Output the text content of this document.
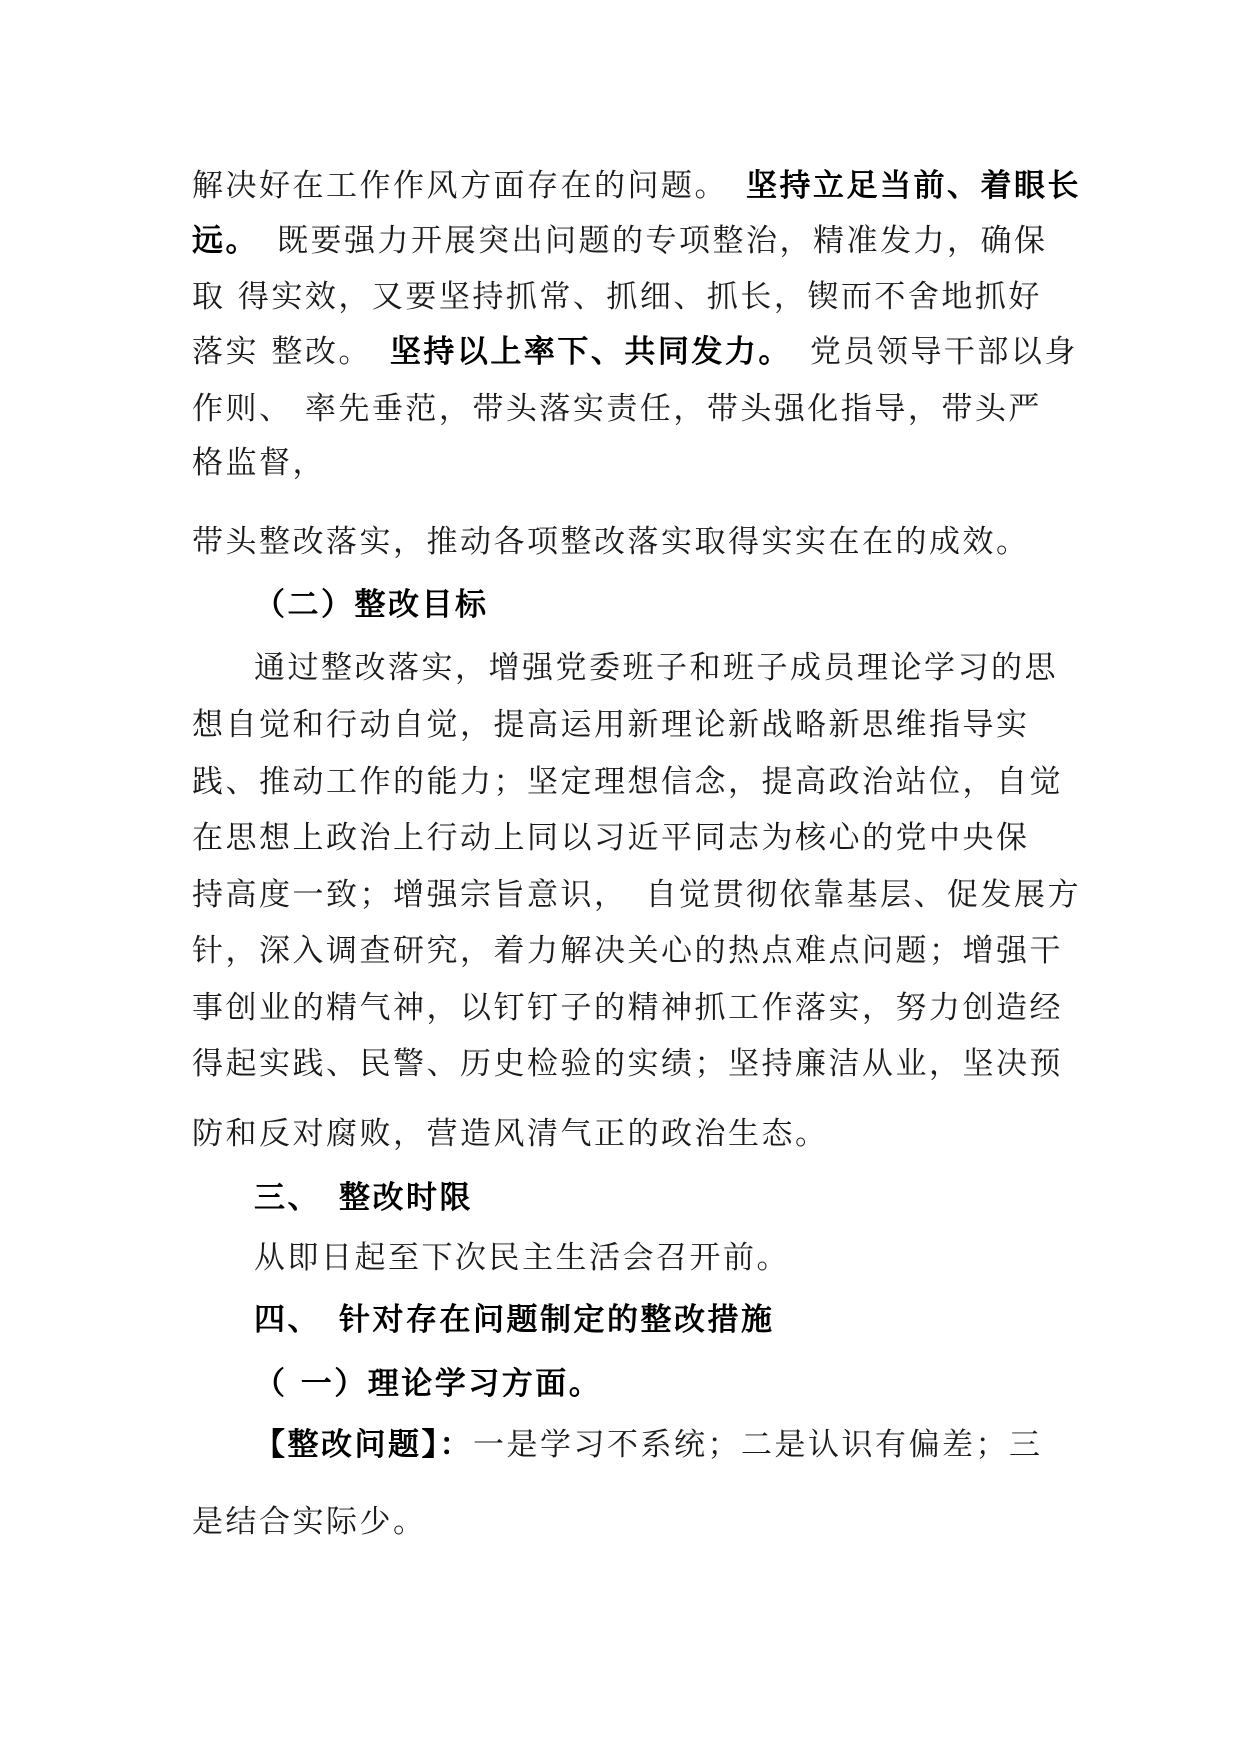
解决好在工作作风方面存在的问题。　 坚持立足当前、着眼长
远。　 既要强力开展突出问题的专项整治，精准发力，确保
取 得实效，又要坚持抓常、抓细、抓长，锲而不舍地抓好
落实 整改。　 坚持以上率下、共同发力。　 党员领导干部以身
作则、 率先垂范，带头落实责任，带头强化指导，带头严
格监督，
带头整改落实，推动各项整改落实取得实实在在的成效。
（二）整改目标
通过整改落实，增强党委班子和班子成员理论学习的思
想自觉和行动自觉，提高运用新理论新战略新思维指导实
践、推动工作的能力；坚定理想信念，提高政治站位，自觉
在思想上政治上行动上同以习近平同志为核心的党中央保
持高度一致；增强宗旨意识，　自觉贯彻依靠基层、促发展方
针，深入调查研究，着力解决关心的热点难点问题；增强干
事创业的精气神，以钉钉子的精神抓工作落实，努力创造经
得起实践、民警、历史检验的实绩；坚持廉洁从业，坚决预
防和反对腐败，营造风清气正的政治生态。
三、　整改时限
从即日起至下次民主生活会召开前。
四、　针对存在问题制定的整改措施
（ 一）理论学习方面。
【整改问题】：一是学习不系统；二是认识有偏差；三
是结合实际少。
